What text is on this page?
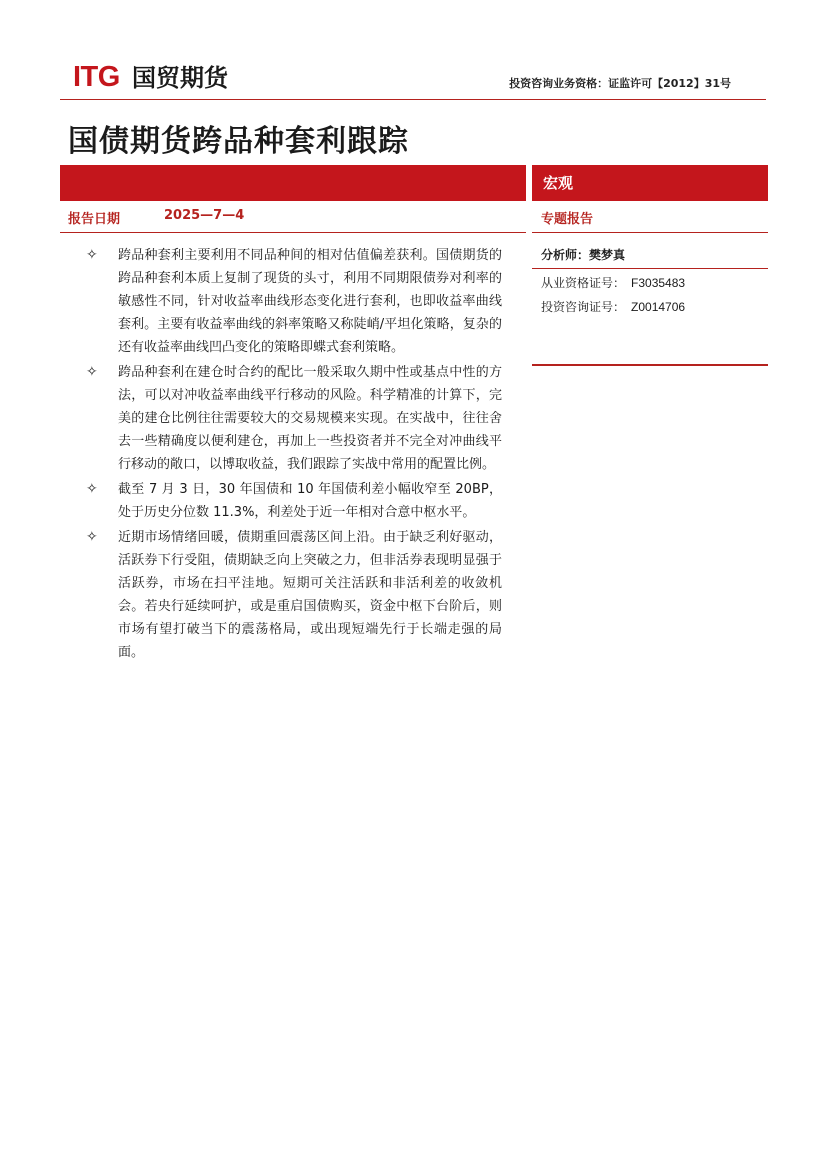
ITG 国贸期货	投资咨询业务资格：证监许可【2012】31号
国债期货跨品种套利跟踪
宏观
报告日期	2025—7—4	专题报告
分析师：樊梦真
从业资格证号： F3035483
投资咨询证号： Z0014706
✧ 跨品种套利主要利用不同品种间的相对估值偏差获利。国债期货的跨品种套利本质上复制了现货的头寸，利用不同期限债券对利率的敏感性不同，针对收益率曲线形态变化进行套利，也即收益率曲线套利。主要有收益率曲线的斜率策略又称陡峭/平坦化策略，复杂的还有收益率曲线凹凸变化的策略即蝶式套利策略。
✧ 跨品种套利在建仓时合约的配比一般采取久期中性或基点中性的方法，可以对冲收益率曲线平行移动的风险。科学精准的计算下，完美的建仓比例往往需要较大的交易规模来实现。在实战中，往往舍去一些精确度以便利建仓，再加上一些投资者并不完全对冲曲线平行移动的敞口，以博取收益，我们跟踪了实战中常用的配置比例。
✧ 截至 7 月 3 日，30 年国债和 10 年国债利差小幅收窄至 20BP，处于历史分位数 11.3%，利差处于近一年相对合意中枢水平。
✧ 近期市场情绪回暖，债期重回震荡区间上沿。由于缺乏利好驱动，活跃券下行受阻，债期缺乏向上突破之力，但非活券表现明显强于活跃券，市场在扫平洼地。短期可关注活跃和非活利差的收敛机会。若央行延续呵护，或是重启国债购买，资金中枢下台阶后，则市场有望打破当下的震荡格局，或出现短端先行于长端走强的局面。
